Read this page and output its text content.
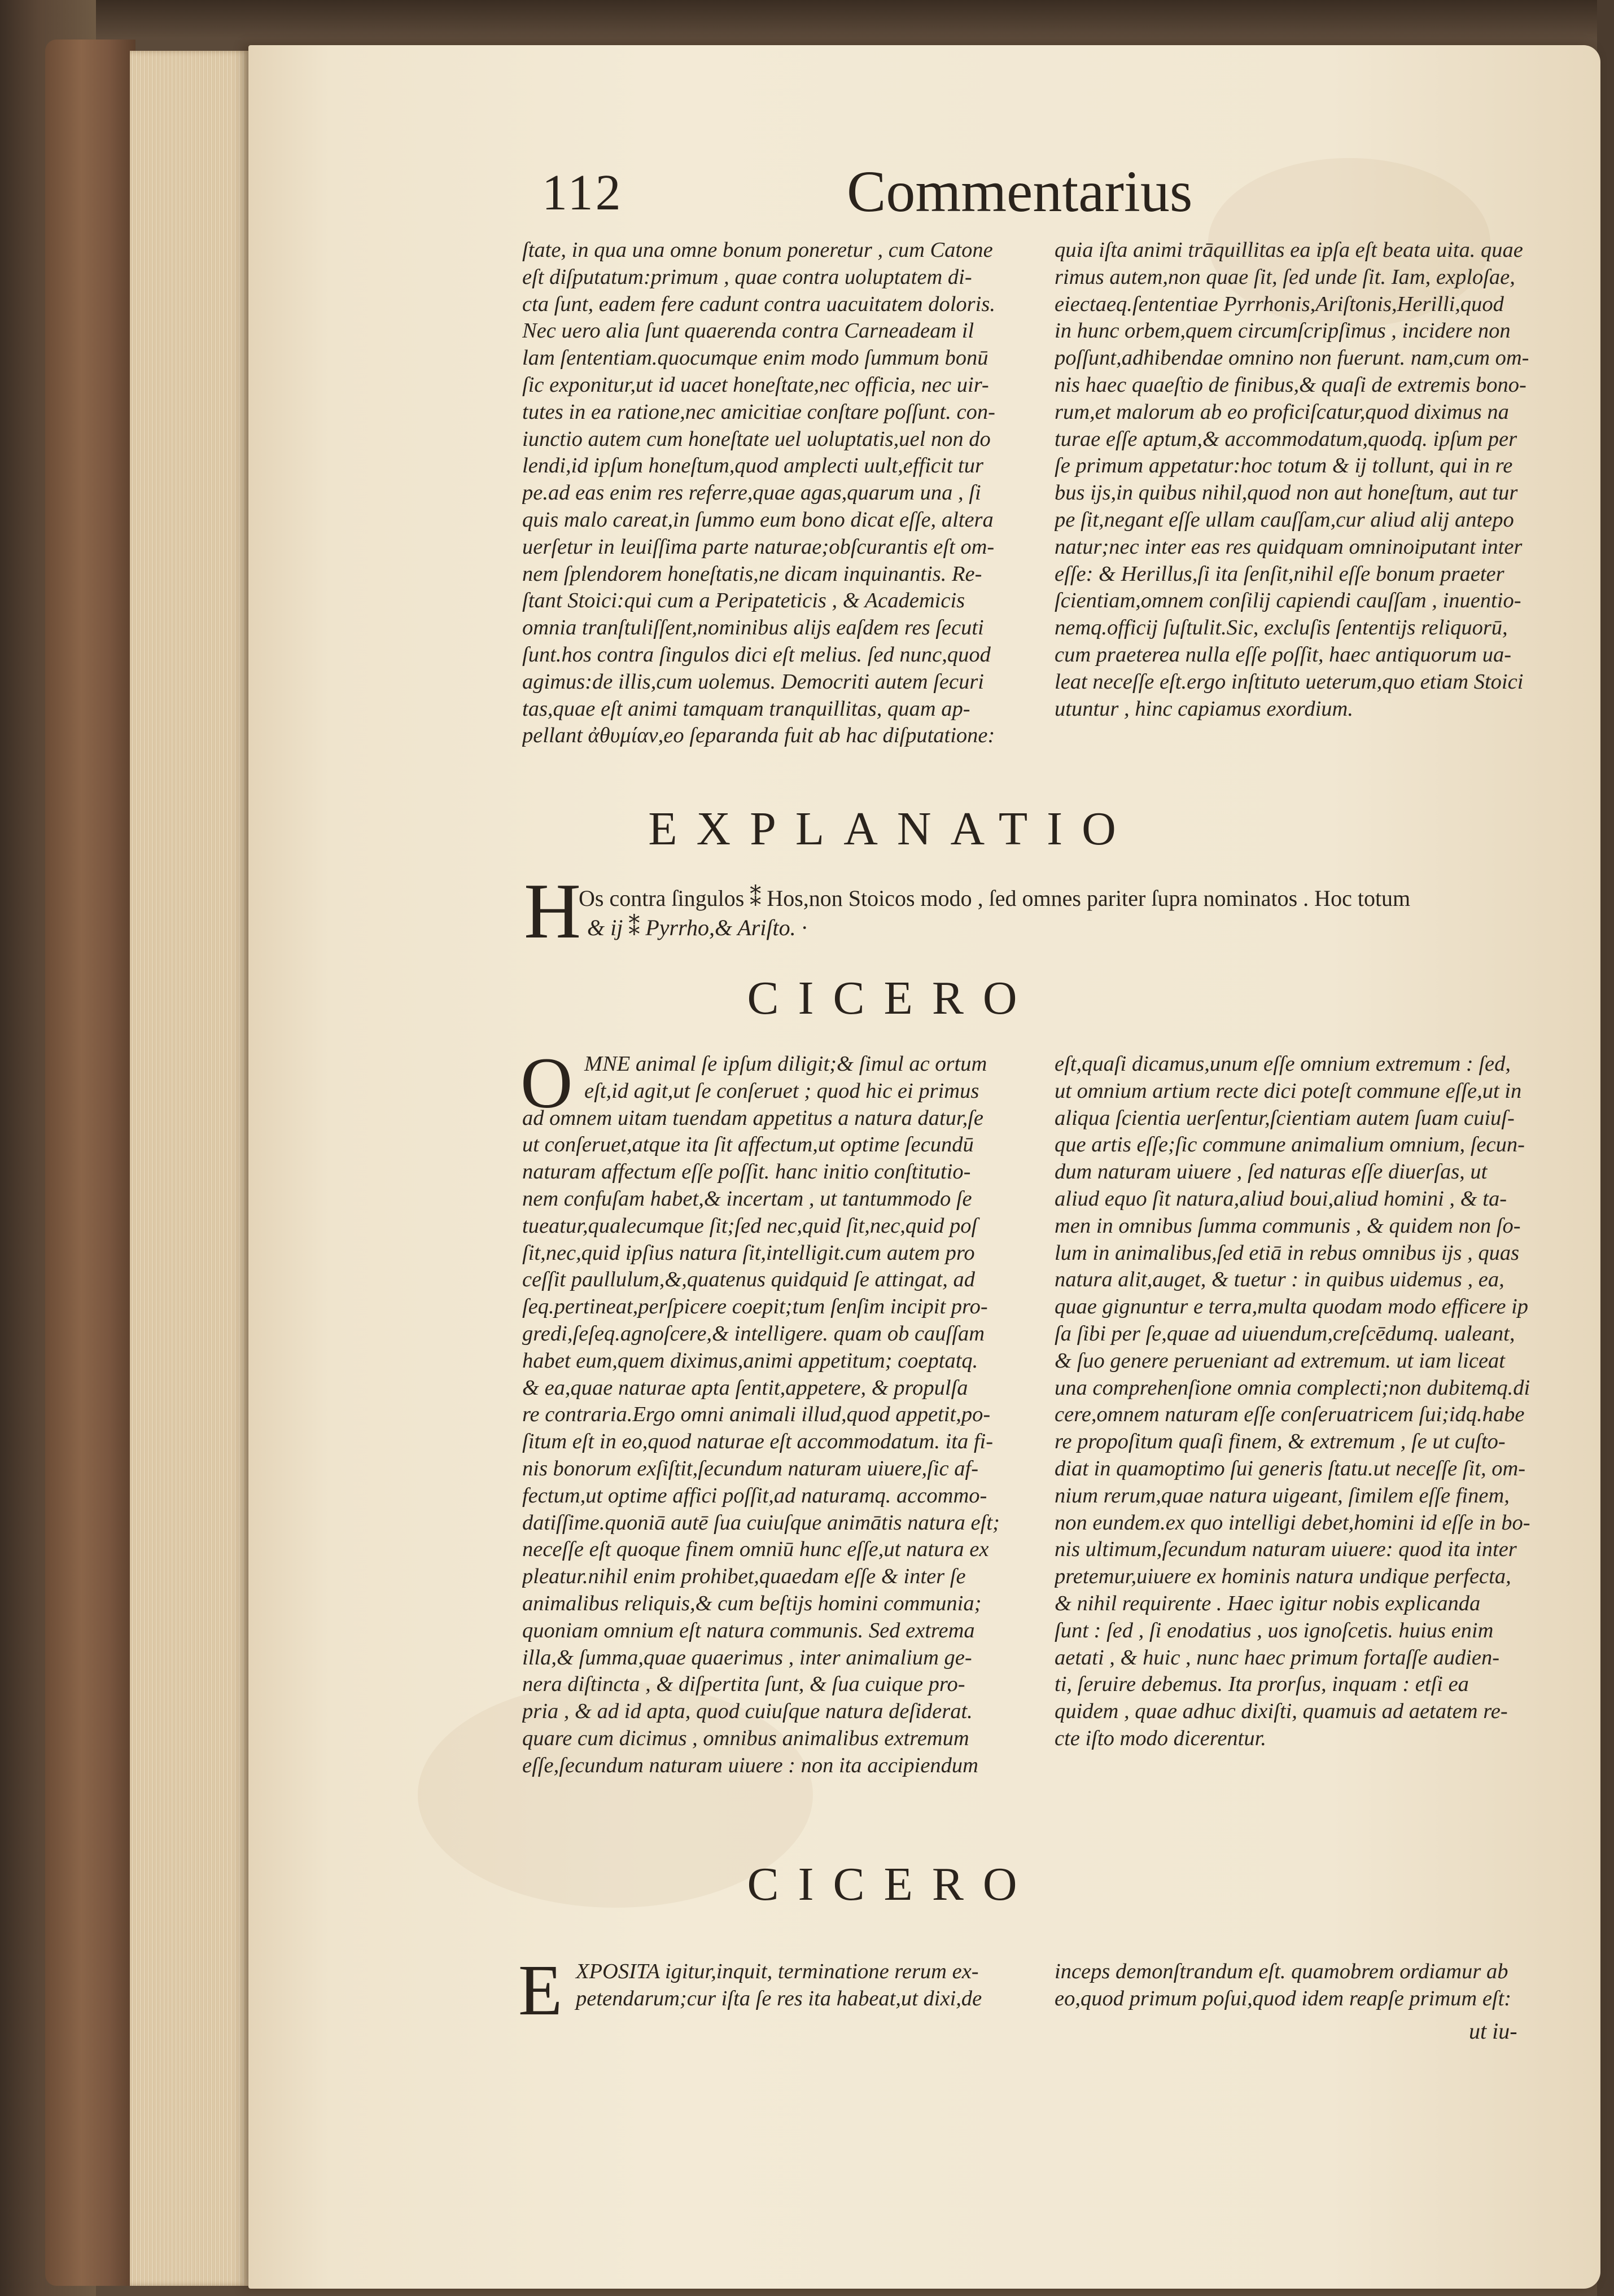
112	Commentarius
ſtate, in qua una omne bonum poneretur , cum Catone
eſt diſputatum:primum , quae contra uoluptatem di-
cta ſunt, eadem fere cadunt contra uacuitatem doloris.
Nec uero alia ſunt quaerenda contra Carneadeam il
lam ſententiam.quocumque enim modo ſummum bonū
ſic exponitur,ut id uacet honeſtate,nec officia, nec uir-
tutes in ea ratione,nec amicitiae conſtare poſſunt. con-
iunctio autem cum honeſtate uel uoluptatis,uel non do
lendi,id ipſum honeſtum,quod amplecti uult,efficit tur
pe.ad eas enim res referre,quae agas,quarum una , ſi
quis malo careat,in ſummo eum bono dicat eſſe, altera
uerſetur in leuiſſima parte naturae;obſcurantis eſt om-
nem ſplendorem honeſtatis,ne dicam inquinantis. Re-
ſtant Stoici:qui cum a Peripateticis , & Academicis
omnia tranſtuliſſent,nominibus alijs eaſdem res ſecuti
ſunt.hos contra ſingulos dici eſt melius. ſed nunc,quod
agimus:de illis,cum uolemus. Democriti autem ſecuri
tas,quae eſt animi tamquam tranquillitas, quam ap-
pellant ἀθυμίαν,eo ſeparanda fuit ab hac diſputatione:
quia iſta animi trāquillitas ea ipſa eſt beata uita. quae
rimus autem,non quae ſit, ſed unde ſit. Iam, exploſae,
eiectaeq.ſententiae Pyrrhonis,Ariſtonis,Herilli,quod
in hunc orbem,quem circumſcripſimus , incidere non
poſſunt,adhibendae omnino non fuerunt. nam,cum om-
nis haec quaeſtio de finibus,& quaſi de extremis bono-
rum,et malorum ab eo proficiſcatur,quod diximus na
turae eſſe aptum,& accommodatum,quodq. ipſum per
ſe primum appetatur:hoc totum & ij tollunt, qui in re
bus ijs,in quibus nihil,quod non aut honeſtum, aut tur
pe ſit,negant eſſe ullam cauſſam,cur aliud alij antepo
natur;nec inter eas res quidquam omninoiputant inter
eſſe: & Herillus,ſi ita ſenſit,nihil eſſe bonum praeter
ſcientiam,omnem conſilij capiendi cauſſam , inuentio-
nemq.officij ſuſtulit.Sic, excluſis ſententijs reliquorū,
cum praeterea nulla eſſe poſſit, haec antiquorum ua-
leat neceſſe eſt.ergo inſtituto ueterum,quo etiam Stoici
utuntur , hinc capiamus exordium.
EXPLANATIO
H
Os contra ſingulos ⁑ Hos,non Stoicos modo , ſed omnes pariter ſupra nominatos . Hoc totum
& ij ⁑ Pyrrho,& Ariſto. ·
CICERO
O MNE animal ſe ipſum diligit;& ſimul ac ortum
eſt,id agit,ut ſe conſeruet ; quod hic ei primus
ad omnem uitam tuendam appetitus a natura datur,ſe
ut conſeruet,atque ita ſit affectum,ut optime ſecundū
naturam affectum eſſe poſſit. hanc initio conſtitutio-
nem confuſam habet,& incertam , ut tantummodo ſe
tueatur,qualecumque ſit;ſed nec,quid ſit,nec,quid poſ
ſit,nec,quid ipſius natura ſit,intelligit.cum autem pro
ceſſit paullulum,&,quatenus quidquid ſe attingat, ad
ſeq.pertineat,perſpicere coepit;tum ſenſim incipit pro-
gredi,ſeſeq.agnoſcere,& intelligere. quam ob cauſſam
habet eum,quem diximus,animi appetitum; coeptatq.
& ea,quae naturae apta ſentit,appetere, & propulſa
re contraria.Ergo omni animali illud,quod appetit,po-
ſitum eſt in eo,quod naturae eſt accommodatum. ita fi-
nis bonorum exſiſtit,ſecundum naturam uiuere,ſic af-
fectum,ut optime affici poſſit,ad naturamq. accommo-
datiſſime.quoniā autē ſua cuiuſque animātis natura eſt;
neceſſe eſt quoque finem omniū hunc eſſe,ut natura ex
pleatur.nihil enim prohibet,quaedam eſſe & inter ſe
animalibus reliquis,& cum beſtijs homini communia;
quoniam omnium eſt natura communis. Sed extrema
illa,& ſumma,quae quaerimus , inter animalium ge-
nera diſtincta , & diſpertita ſunt, & ſua cuique pro-
pria , & ad id apta, quod cuiuſque natura deſiderat.
quare cum dicimus , omnibus animalibus extremum
eſſe,ſecundum naturam uiuere : non ita accipiendum
eſt,quaſi dicamus,unum eſſe omnium extremum : ſed,
ut omnium artium recte dici poteſt commune eſſe,ut in
aliqua ſcientia uerſentur,ſcientiam autem ſuam cuiuſ-
que artis eſſe;ſic commune animalium omnium, ſecun-
dum naturam uiuere , ſed naturas eſſe diuerſas, ut
aliud equo ſit natura,aliud boui,aliud homini , & ta-
men in omnibus ſumma communis , & quidem non ſo-
lum in animalibus,ſed etiā in rebus omnibus ijs , quas
natura alit,auget, & tuetur : in quibus uidemus , ea,
quae gignuntur e terra,multa quodam modo efficere ip
ſa ſibi per ſe,quae ad uiuendum,creſcēdumq. ualeant,
& ſuo genere perueniant ad extremum. ut iam liceat
una comprehenſione omnia complecti;non dubitemq.di
cere,omnem naturam eſſe conſeruatricem ſui;idq.habe
re propoſitum quaſi finem, & extremum , ſe ut cuſto-
diat in quamoptimo ſui generis ſtatu.ut neceſſe ſit, om-
nium rerum,quae natura uigeant, ſimilem eſſe finem,
non eundem.ex quo intelligi debet,homini id eſſe in bo-
nis ultimum,ſecundum naturam uiuere: quod ita inter
pretemur,uiuere ex hominis natura undique perfecta,
& nihil requirente . Haec igitur nobis explicanda
ſunt : ſed , ſi enodatius , uos ignoſcetis. huius enim
aetati , & huic , nunc haec primum fortaſſe audien-
ti, ſeruire debemus. Ita prorſus, inquam : etſi ea
quidem , quae adhuc dixiſti, quamuis ad aetatem re-
cte iſto modo dicerentur.
CICERO
E XPOSITA igitur,inquit, terminatione rerum ex-
petendarum;cur iſta ſe res ita habeat,ut dixi,de
inceps demonſtrandum eſt. quamobrem ordiamur ab
eo,quod primum poſui,quod idem reapſe primum eſt:
ut iu-
